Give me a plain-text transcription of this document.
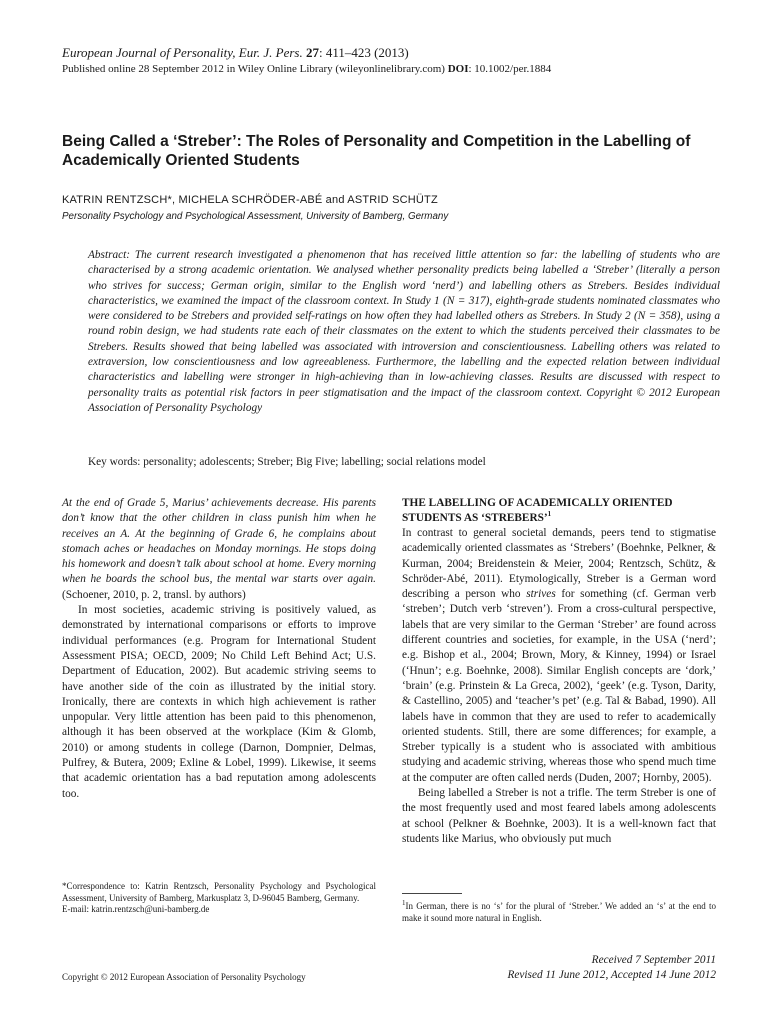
European Journal of Personality, Eur. J. Pers. 27: 411–423 (2013)
Published online 28 September 2012 in Wiley Online Library (wileyonlinelibrary.com) DOI: 10.1002/per.1884
Being Called a ‘Streber’: The Roles of Personality and Competition in the Labelling of Academically Oriented Students
KATRIN RENTZSCH*, MICHELA SCHRÖDER-ABÉ and ASTRID SCHÜTZ
Personality Psychology and Psychological Assessment, University of Bamberg, Germany

Abstract: The current research investigated a phenomenon that has received little attention so far: the labelling of students who are characterised by a strong academic orientation. We analysed whether personality predicts being labelled a ‘Streber’ (literally a person who strives for success; German origin, similar to the English word ‘nerd’) and labelling others as Strebers. Besides individual characteristics, we examined the impact of the classroom context. In Study 1 (N = 317), eighth-grade students nominated classmates who were considered to be Strebers and provided self-ratings on how often they had labelled others as Strebers. In Study 2 (N = 358), using a round robin design, we had students rate each of their classmates on the extent to which the students perceived their classmates to be Strebers. Results showed that being labelled was associated with introversion and conscientiousness. Labelling others was related to extraversion, low conscientiousness and low agreeableness. Furthermore, the labelling and the expected relation between individual characteristics and labelling were stronger in high-achieving than in low-achieving classes. Results are discussed with respect to personality traits as potential risk factors in peer stigmatisation and the impact of the classroom context. Copyright © 2012 European Association of Personality Psychology

Key words: personality; adolescents; Streber; Big Five; labelling; social relations model

At the end of Grade 5, Marius’ achievements decrease. His parents don’t know that the other children in class punish him when he receives an A. At the beginning of Grade 6, he complains about stomach aches or headaches on Monday mornings. He stops doing his homework and doesn’t talk about school at home. Every morning when he boards the school bus, the mental war starts over again. (Schoener, 2010, p. 2, transl. by authors)

In most societies, academic striving is positively valued, as demonstrated by international comparisons or efforts to improve individual performances (e.g. Program for International Student Assessment PISA; OECD, 2009; No Child Left Behind Act; U.S. Department of Education, 2002). But academic striving seems to have another side of the coin as illustrated by the initial story. Ironically, there are contexts in which high achievement is rather unpopular. Very little attention has been paid to this phenomenon, although it has been observed at the workplace (Kim & Glomb, 2010) or among students in college (Darnon, Dompnier, Delmas, Pulfrey, & Butera, 2009; Exline & Lobel, 1999). Likewise, it seems that academic orientation has a bad reputation among adolescents too.

THE LABELLING OF ACADEMICALLY ORIENTED STUDENTS AS ‘STREBERS’$^1$

In contrast to general societal demands, peers tend to stigmatise academically oriented classmates as ‘Strebers’ (Boehnke, Pelkner, & Kurman, 2004; Breidenstein & Meier, 2004; Rentzsch, Schütz, & Schröder-Abé, 2011). Etymologically, Streber is a German word describing a person who strives for something (cf. German verb ‘streben’; Dutch verb ‘streven’). From a cross-cultural perspective, labels that are very similar to the German ‘Streber’ are found across different countries and societies, for example, in the USA (‘nerd’; e.g. Bishop et al., 2004; Brown, Mory, & Kinney, 1994) or Israel (‘Hnun’; e.g. Boehnke, 2008). Similar English concepts are ‘dork,’ ‘brain’ (e.g. Prinstein & La Greca, 2002), ‘geek’ (e.g. Tyson, Darity, & Castellino, 2005) and ‘teacher’s pet’ (e.g. Tal & Babad, 1990). All labels have in common that they are used to refer to academically oriented students. Still, there are some differences; for example, a Streber typically is a student who is associated with ambitious studying and academic striving, whereas those who spend much time at the computer are often called nerds (Duden, 2007; Hornby, 2005).

Being labelled a Streber is not a trifle. The term Streber is one of the most frequently used and most feared labels among adolescents at school (Pelkner & Boehnke, 2003). It is a well-known fact that students like Marius, who obviously put much

*Correspondence to: Katrin Rentzsch, Personality Psychology and Psychological Assessment, University of Bamberg, Markusplatz 3, D-96045 Bamberg, Germany.

E-mail: katrin.rentzsch@uni-bamberg.de

$^1$In German, there is no ‘s’ for the plural of ‘Streber.’ We added an ‘s’ at the end to make it sound more natural in English.
Received 7 September 2011
Revised 11 June 2012, Accepted 14 June 2012
Copyright © 2012 European Association of Personality Psychology
